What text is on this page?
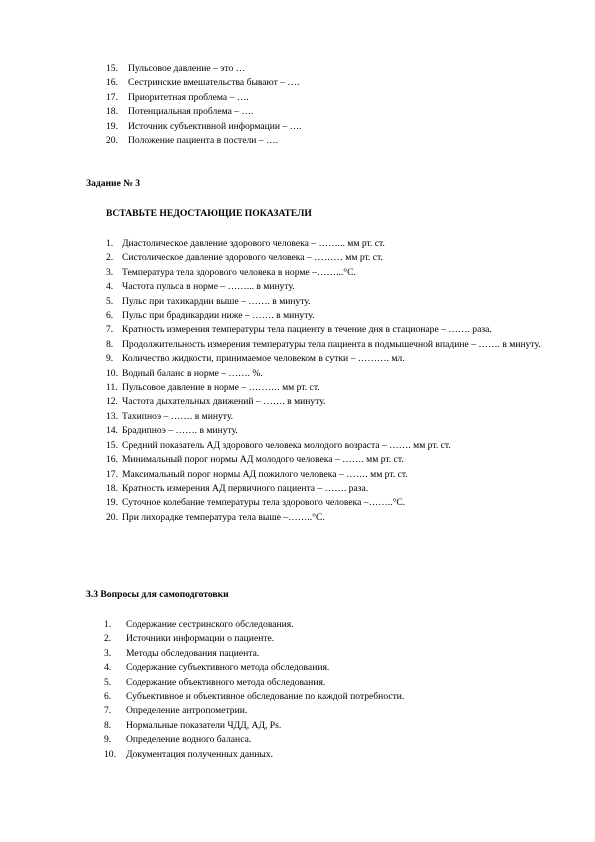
15.	Пульсовое давление – это …
16.	Сестринские вмешательства бывают – ….
17.	Приоритетная проблема – ….
18.	Потенциальная проблема – ….
19.	Источник субъективной информации – ….
20.	Положение пациента в постели – ….
Задание № 3
ВСТАВЬТЕ НЕДОСТАЮЩИЕ ПОКАЗАТЕЛИ
1. Диастолическое давление здорового человека – ……... мм рт. ст.
2. Систолическое давление здорового человека – ……… мм рт. ст.
3. Температура тела здорового человека в норме –……...°С.
4. Частота пульса в норме – ……... в минуту.
5. Пульс при тахикардии выше – ……. в минуту.
6. Пульс при брадикардии ниже – ……. в минуту.
7. Кратность измерения температуры тела пациенту в течение дня в стационаре – ……. раза.
8. Продолжительность измерения температуры тела пациента в подмышечной впадине – ……. в минуту.
9. Количество жидкости, принимаемое человеком в сутки – ………. мл.
10. Водный баланс в норме – ……. %.
11. Пульсовое давление в норме – ………. мм рт. ст.
12. Частота дыхательных движений – ……. в минуту.
13. Тахипноэ – ……. в минуту.
14. Брадипноэ – ……. в минуту.
15. Средний показатель АД здорового человека молодого возраста – ……. мм рт. ст.
16. Минимальный порог нормы АД молодого человека – ……. мм рт. ст.
17. Максимальный порог нормы АД пожилого человека – ……. мм рт. ст.
18. Кратность измерения АД первичного пациента – ……. раза.
19. Суточное колебание температуры тела здорового человека –……..°С.
20. При лихорадке температура тела выше –……..°С.
3.3 Вопросы для самоподготовки
1.	Содержание сестринского обследования.
2.	Источники информации о пациенте.
3.	Методы обследования пациента.
4.	Содержание субъективного метода обследования.
5.	Содержание объективного метода обследования.
6.	Субъективное и объективное обследование по каждой потребности.
7.	Определение антропометрии.
8.	Нормальные показатели ЧДД, АД, Ps.
9.	Определение водного баланса.
10.	Документация полученных данных.
